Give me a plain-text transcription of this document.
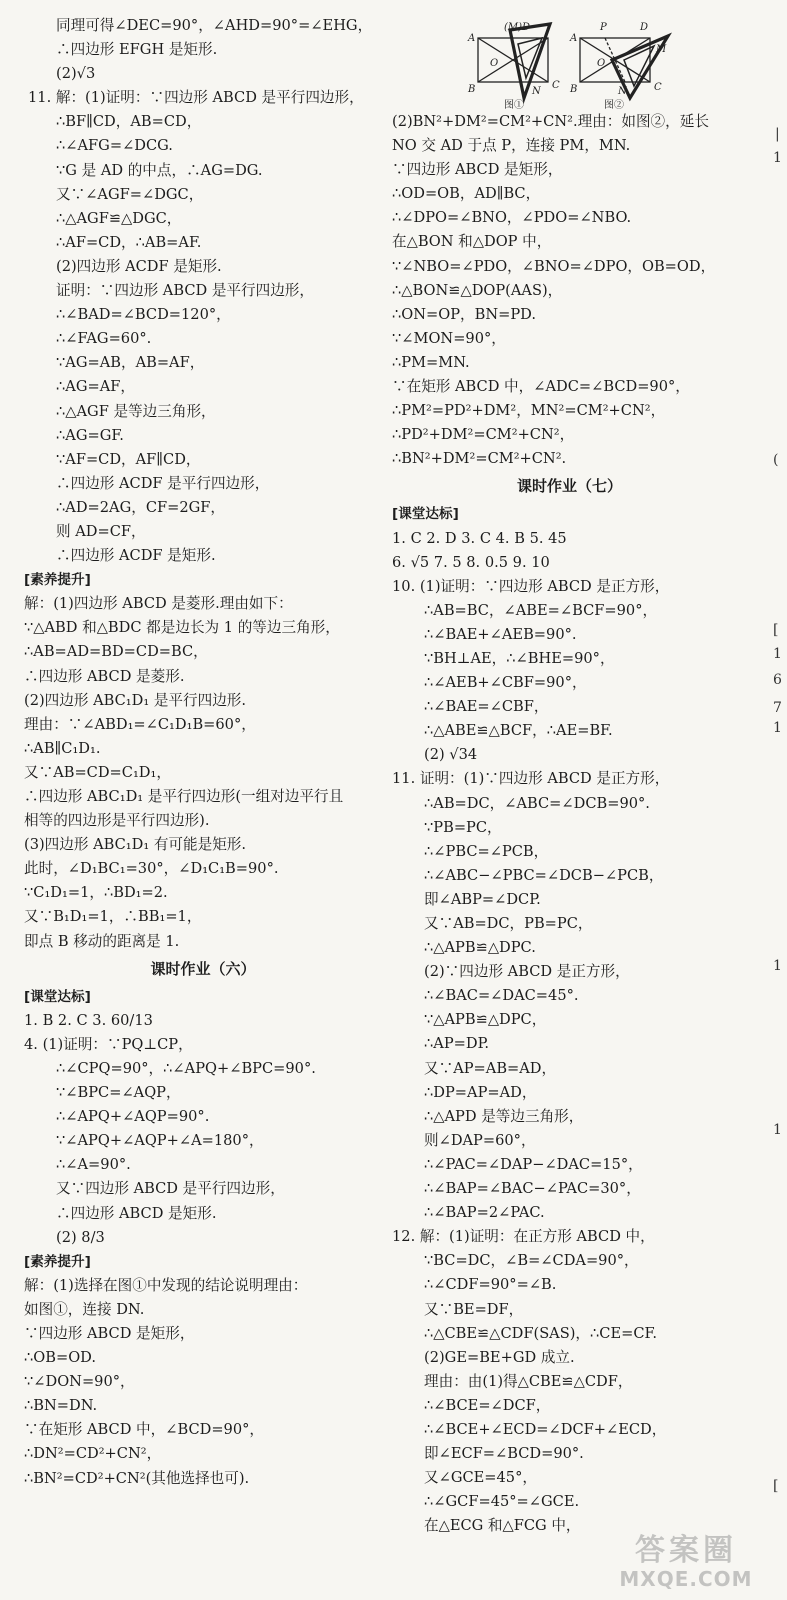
同理可得∠DEC=90°，∠AHD=90°=∠EHG，
∴四边形 EFGH 是矩形.
(2)√3
11. 解：(1)证明：∵四边形 ABCD 是平行四边形，
∴BF∥CD，AB=CD，
∴∠AFG=∠DCG.
∵G 是 AD 的中点，∴AG=DG.
又∵∠AGF=∠DGC，
∴△AGF≌△DGC，
∴AF=CD，∴AB=AF.
(2)四边形 ACDF 是矩形.
证明：∵四边形 ABCD 是平行四边形，
∴∠BAD=∠BCD=120°，
∴∠FAG=60°.
∵AG=AB，AB=AF，
∴AG=AF，
∴△AGF 是等边三角形，
∴AG=GF.
∵AF=CD，AF∥CD，
∴四边形 ACDF 是平行四边形，
∴AD=2AG，CF=2GF，
则 AD=CF，
∴四边形 ACDF 是矩形.
[素养提升]
解：(1)四边形 ABCD 是菱形.理由如下：
∵△ABD 和△BDC 都是边长为 1 的等边三角形，
∴AB=AD=BD=CD=BC，
∴四边形 ABCD 是菱形.
(2)四边形 ABC₁D₁ 是平行四边形.
理由：∵∠ABD₁=∠C₁D₁B=60°，
∴AB∥C₁D₁.
又∵AB=CD=C₁D₁，
∴四边形 ABC₁D₁ 是平行四边形(一组对边平行且
相等的四边形是平行四边形).
(3)四边形 ABC₁D₁ 有可能是矩形.
此时，∠D₁BC₁=30°，∠D₁C₁B=90°.
∵C₁D₁=1，∴BD₁=2.
又∵B₁D₁=1，∴BB₁=1，
即点 B 移动的距离是 1.
课时作业（六）
[课堂达标]
1. B 2. C 3. 60/13
4. (1)证明：∵PQ⊥CP，
∴∠CPQ=90°，∴∠APQ+∠BPC=90°.
∵∠BPC=∠AQP，
∴∠APQ+∠AQP=90°.
∵∠APQ+∠AQP+∠A=180°，
∴∠A=90°.
又∵四边形 ABCD 是平行四边形，
∴四边形 ABCD 是矩形.
(2) 8/3
[素养提升]
解：(1)选择在图①中发现的结论说明理由：
如图①，连接 DN.
∵四边形 ABCD 是矩形，
∴OB=OD.
∵∠DON=90°，
∴BN=DN.
∵在矩形 ABCD 中，∠BCD=90°，
∴DN²=CD²+CN²，
∴BN²=CD²+CN²(其他选择也可).
A
(M)D
O
B	N
C
图①
A
P	D
M
O
B	N	C
图②
(2)BN²+DM²=CM²+CN².理由：如图②，延长
NO 交 AD 于点 P，连接 PM，MN.
∵四边形 ABCD 是矩形，
∴OD=OB，AD∥BC，
∴∠DPO=∠BNO，∠PDO=∠NBO.
在△BON 和△DOP 中，
∵∠NBO=∠PDO，∠BNO=∠DPO，OB=OD，
∴△BON≌△DOP(AAS)，
∴ON=OP，BN=PD.
∵∠MON=90°，
∴PM=MN.
∵在矩形 ABCD 中，∠ADC=∠BCD=90°，
∴PM²=PD²+DM²，MN²=CM²+CN²，
∴PD²+DM²=CM²+CN²，
∴BN²+DM²=CM²+CN².
课时作业（七）
[课堂达标]
1. C 2. D 3. C 4. B 5. 45
6. √5 7. 5 8. 0.5 9. 10
10. (1)证明：∵四边形 ABCD 是正方形，
∴AB=BC，∠ABE=∠BCF=90°，
∴∠BAE+∠AEB=90°.
∵BH⊥AE，∴∠BHE=90°，
∴∠AEB+∠CBF=90°，
∴∠BAE=∠CBF，
∴△ABE≌△BCF，∴AE=BF.
(2) √34
11. 证明：(1)∵四边形 ABCD 是正方形，
∴AB=DC，∠ABC=∠DCB=90°.
∵PB=PC，
∴∠PBC=∠PCB，
∴∠ABC−∠PBC=∠DCB−∠PCB，
即∠ABP=∠DCP.
又∵AB=DC，PB=PC，
∴△APB≌△DPC.
(2)∵四边形 ABCD 是正方形，
∴∠BAC=∠DAC=45°.
∵△APB≌△DPC，
∴AP=DP.
又∵AP=AB=AD，
∴DP=AP=AD，
∴△APD 是等边三角形，
则∠DAP=60°，
∴∠PAC=∠DAP−∠DAC=15°，
∴∠BAP=∠BAC−∠PAC=30°，
∴∠BAP=2∠PAC.
12. 解：(1)证明：在正方形 ABCD 中，
∵BC=DC，∠B=∠CDA=90°，
∴∠CDF=90°=∠B.
又∵BE=DF，
∴△CBE≌△CDF(SAS)，∴CE=CF.
(2)GE=BE+GD 成立.
理由：由(1)得△CBE≌△CDF，
∴∠BCE=∠DCF，
∴∠BCE+∠ECD=∠DCF+∠ECD，
即∠ECF=∠BCD=90°.
又∠GCE=45°，
∴∠GCF=45°=∠GCE.
在△ECG 和△FCG 中，
|
1
(
[
1
6
7
1
1
1
[
答案圈
MXQE.COM
